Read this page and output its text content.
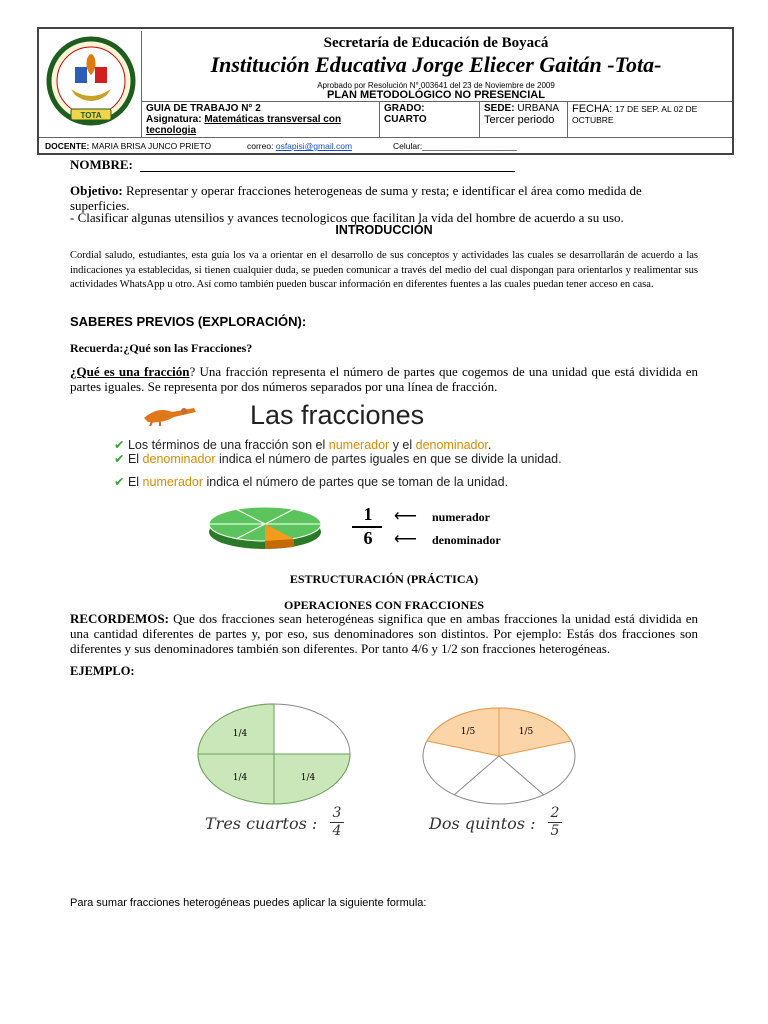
TOTA
Secretaría de Educación de Boyacá
Institución Educativa Jorge Eliecer Gaitán -Tota-
Aprobado por Resolución N° 003641 del 23 de Noviembre de 2009
PLAN METODOLÓGICO NO PRESENCIAL
GUIA DE TRABAJO N° 2
Asignatura: Matemáticas transversal con tecnologia
GRADO:
CUARTO
SEDE: URBANA
Tercer periodo
FECHA: 17 DE SEP. AL 02 DE OCTUBRE
DOCENTE: MARIA BRISA JUNCO PRIETO	correo: osfapisi@gmail.com	Celular:____________________
NOMBRE:
Objetivo: Representar y operar fracciones heterogeneas de suma y resta; e identificar el área como medida de superficies.
- Clasificar algunas utensilios y avances tecnologicos que facilitan la vida del hombre de acuerdo a su uso.
INTRODUCCIÓN
Cordial saludo, estudiantes, esta guía los va a orientar en el desarrollo de sus conceptos y actividades las cuales se desarrollarán de acuerdo a las indicaciones ya establecidas, si tienen cualquier duda, se pueden comunicar a través del medio del cual dispongan para orientarlos y realimentar sus actividades WhatsApp u otro. Así como también pueden buscar información en diferentes fuentes a las cuales puedan tener acceso en casa.
SABERES PREVIOS (EXPLORACIÓN):
Recuerda:¿Qué son las Fracciones?
¿Qué es una fracción? Una fracción representa el número de partes que cogemos de una unidad que está dividida en partes iguales. Se representa por dos números separados por una línea de fracción.
Las fracciones
✔ Los términos de una fracción son el numerador y el denominador.
✔ El denominador indica el número de partes iguales en que se divide la unidad.
✔ El numerador indica el número de partes que se toman de la unidad.
1
6
⟵ numerador
⟵ denominador
ESTRUCTURACIÓN (PRÁCTICA)
OPERACIONES CON FRACCIONES
RECORDEMOS: Que dos fracciones sean heterogéneas significa que en ambas fracciones la unidad está dividida en una cantidad diferentes de partes y, por eso, sus denominadores son distintos. Por ejemplo: Estás dos fracciones son diferentes y sus denominadores también son diferentes. Por tanto 4/6 y 1/2 son fracciones heterogéneas.
EJEMPLO:
1/4
1/4	1/4
1/5	1/5
Tres cuartos :
3
4	Dos quintos :
2
5
Para sumar fracciones heterogéneas puedes aplicar la siguiente formula:
